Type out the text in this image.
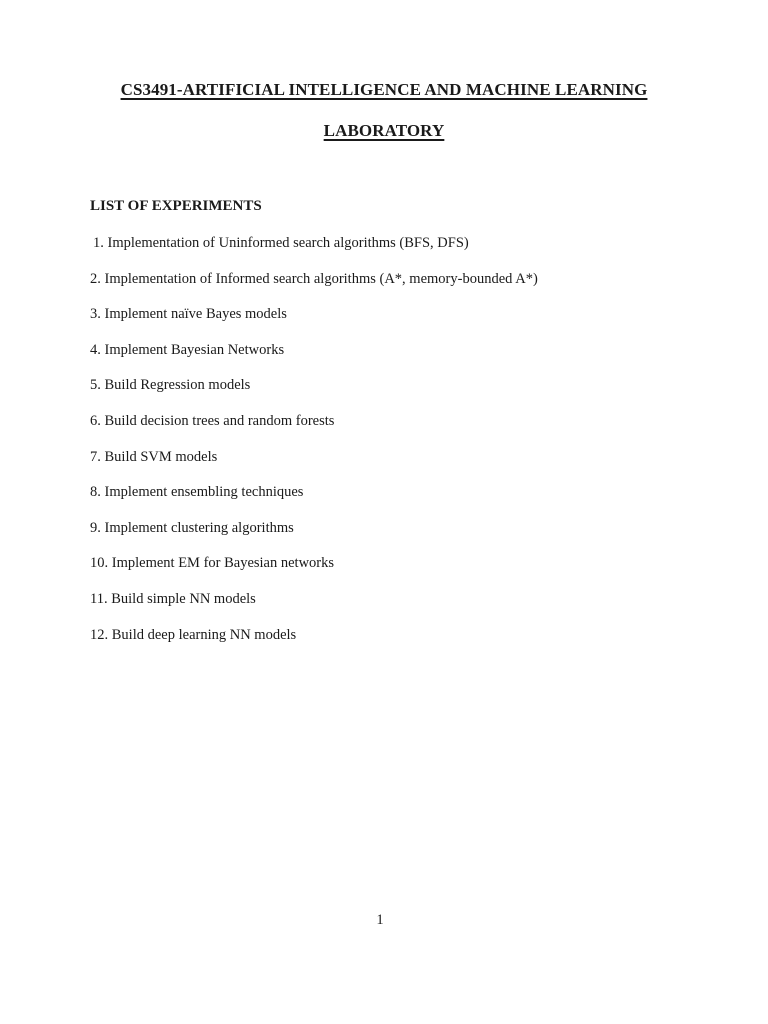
CS3491-ARTIFICIAL INTELLIGENCE AND MACHINE LEARNING
LABORATORY
LIST OF EXPERIMENTS
1. Implementation of Uninformed search algorithms (BFS, DFS)
2. Implementation of Informed search algorithms (A*, memory-bounded A*)
3. Implement naïve Bayes models
4. Implement Bayesian Networks
5. Build Regression models
6. Build decision trees and random forests
7. Build SVM models
8. Implement ensembling techniques
9. Implement clustering algorithms
10. Implement EM for Bayesian networks
11. Build simple NN models
12. Build deep learning NN models
1
